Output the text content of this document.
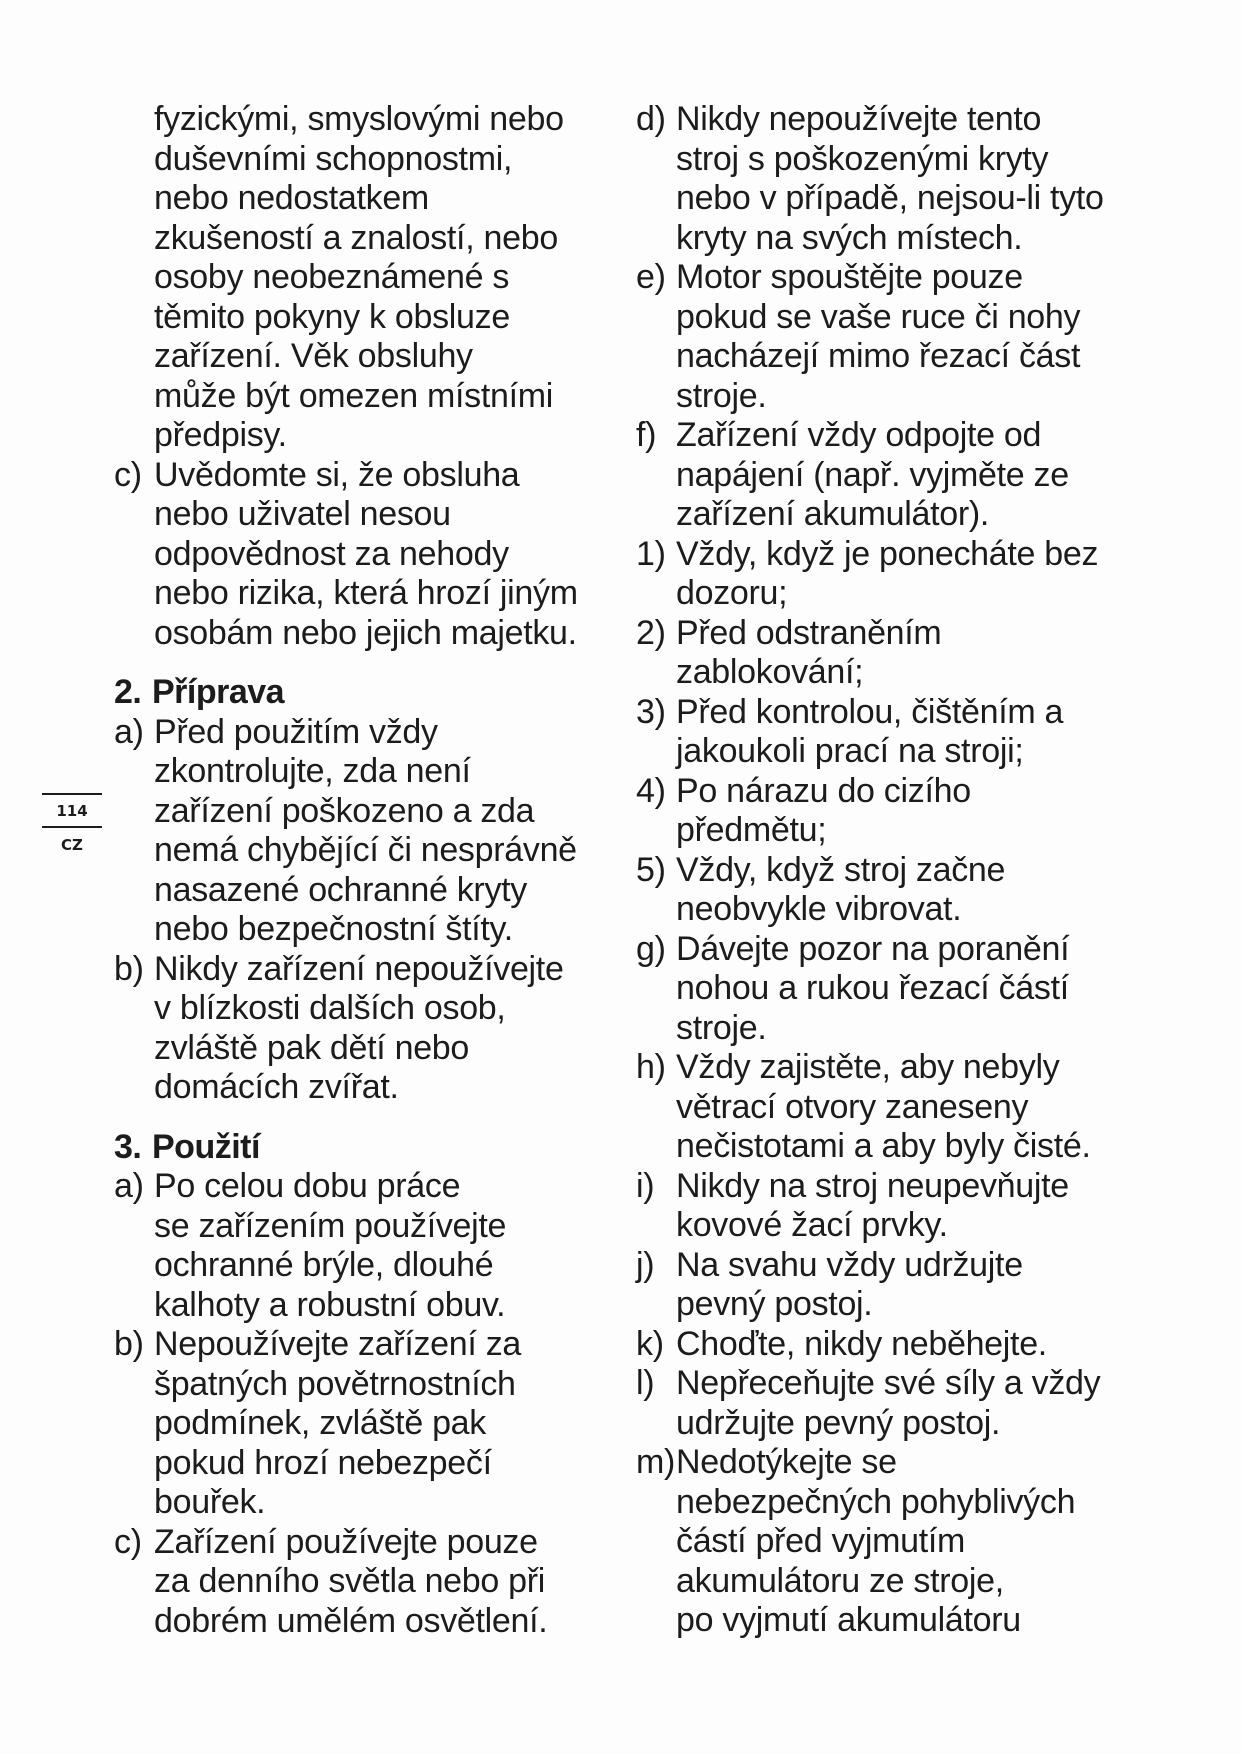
114
CZ
fyzickými, smyslovými nebo
duševními schopnostmi,
nebo nedostatkem
zkušeností a znalostí, nebo
osoby neobeznámené s
těmito pokyny k obsluze
zařízení. Věk obsluhy
může být omezen místními
předpisy.
c) Uvědomte si, že obsluha
nebo uživatel nesou
odpovědnost za nehody
nebo rizika, která hrozí jiným
osobám nebo jejich majetku.
2. Příprava
a) Před použitím vždy
zkontrolujte, zda není
zařízení poškozeno a zda
nemá chybějící či nesprávně
nasazené ochranné kryty
nebo bezpečnostní štíty.
b) Nikdy zařízení nepoužívejte
v blízkosti dalších osob,
zvláště pak dětí nebo
domácích zvířat.
3. Použití
a) Po celou dobu práce
se zařízením používejte
ochranné brýle, dlouhé
kalhoty a robustní obuv.
b) Nepoužívejte zařízení za
špatných povětrnostních
podmínek, zvláště pak
pokud hrozí nebezpečí
bouřek.
c) Zařízení používejte pouze
za denního světla nebo při
dobrém umělém osvětlení.
d) Nikdy nepoužívejte tento
stroj s poškozenými kryty
nebo v případě, nejsou-li tyto
kryty na svých místech.
e) Motor spouštějte pouze
pokud se vaše ruce či nohy
nacházejí mimo řezací část
stroje.
f) Zařízení vždy odpojte od
napájení (např. vyjměte ze
zařízení akumulátor).
1) Vždy, když je ponecháte bez
dozoru;
2) Před odstraněním
zablokování;
3) Před kontrolou, čištěním a
jakoukoli prací na stroji;
4) Po nárazu do cizího
předmětu;
5) Vždy, když stroj začne
neobvykle vibrovat.
g) Dávejte pozor na poranění
nohou a rukou řezací částí
stroje.
h) Vždy zajistěte, aby nebyly
větrací otvory zaneseny
nečistotami a aby byly čisté.
i) Nikdy na stroj neupevňujte
kovové žací prvky.
j) Na svahu vždy udržujte
pevný postoj.
k) Choďte, nikdy neběhejte.
l) Nepřeceňujte své síly a vždy
udržujte pevný postoj.
m) Nedotýkejte se
nebezpečných pohyblivých
částí před vyjmutím
akumulátoru ze stroje,
po vyjmutí akumulátoru
